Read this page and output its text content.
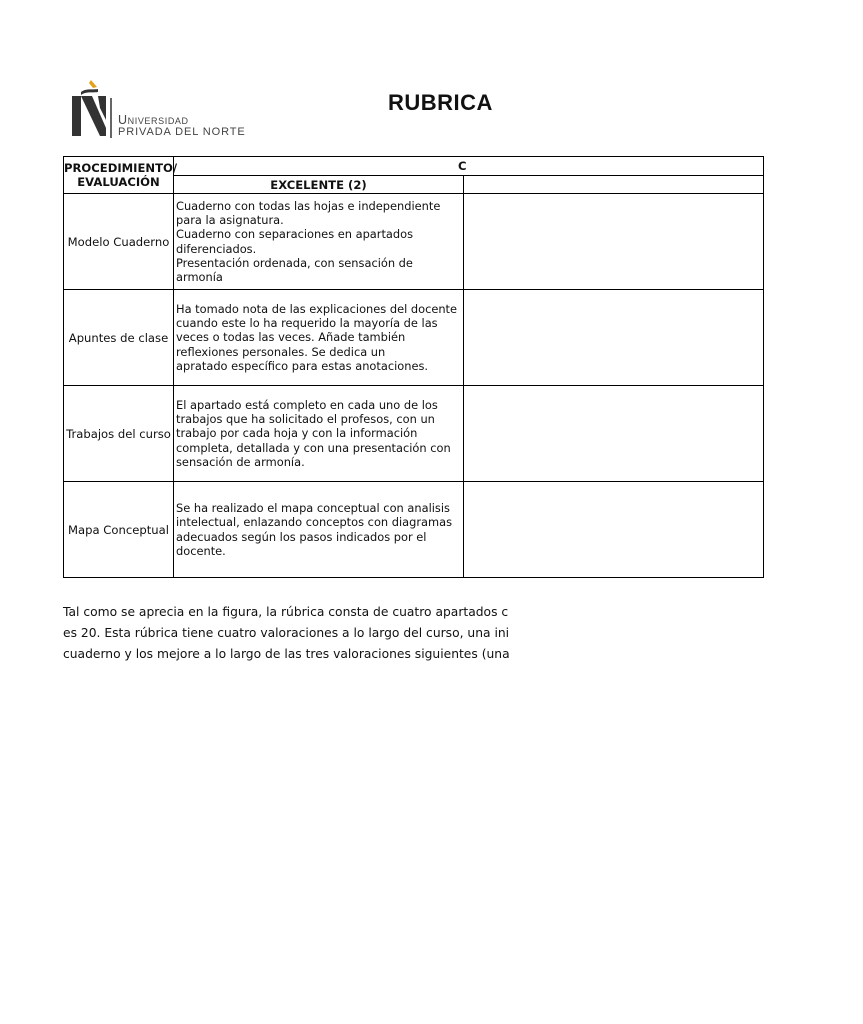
Universidad
PRIVADA DEL NORTE
RUBRICA
PROCEDIMIENTO/ EVALUACIÓN	C	
	EXCELENTE (2)	
Modelo Cuaderno	Cuaderno con todas las hojas e independiente
para la asignatura.
Cuaderno con separaciones en apartados
diferenciados.
Presentación ordenada, con sensación de armonía	
Apuntes de clase	Ha tomado nota de las explicaciones del docente
cuando este lo ha requerido la mayoría de las
veces o todas las veces. Añade también
reflexiones personales. Se dedica un
apratado específico para estas anotaciones.	
Trabajos del curso	El apartado está completo en cada uno de los
trabajos que ha solicitado el profesos, con un
trabajo por cada hoja y con la información
completa, detallada y con una presentación con
sensación de armonía.	
Mapa Conceptual	Se ha realizado el mapa conceptual con analisis
intelectual, enlazando conceptos con diagramas
adecuados según los pasos indicados por el
docente.	
Tal como se aprecia en la figura, la rúbrica consta de cuatro apartados c
es 20. Esta rúbrica tiene cuatro valoraciones a lo largo del curso, una ini
cuaderno y los mejore a lo largo de las tres valoraciones siguientes (una
